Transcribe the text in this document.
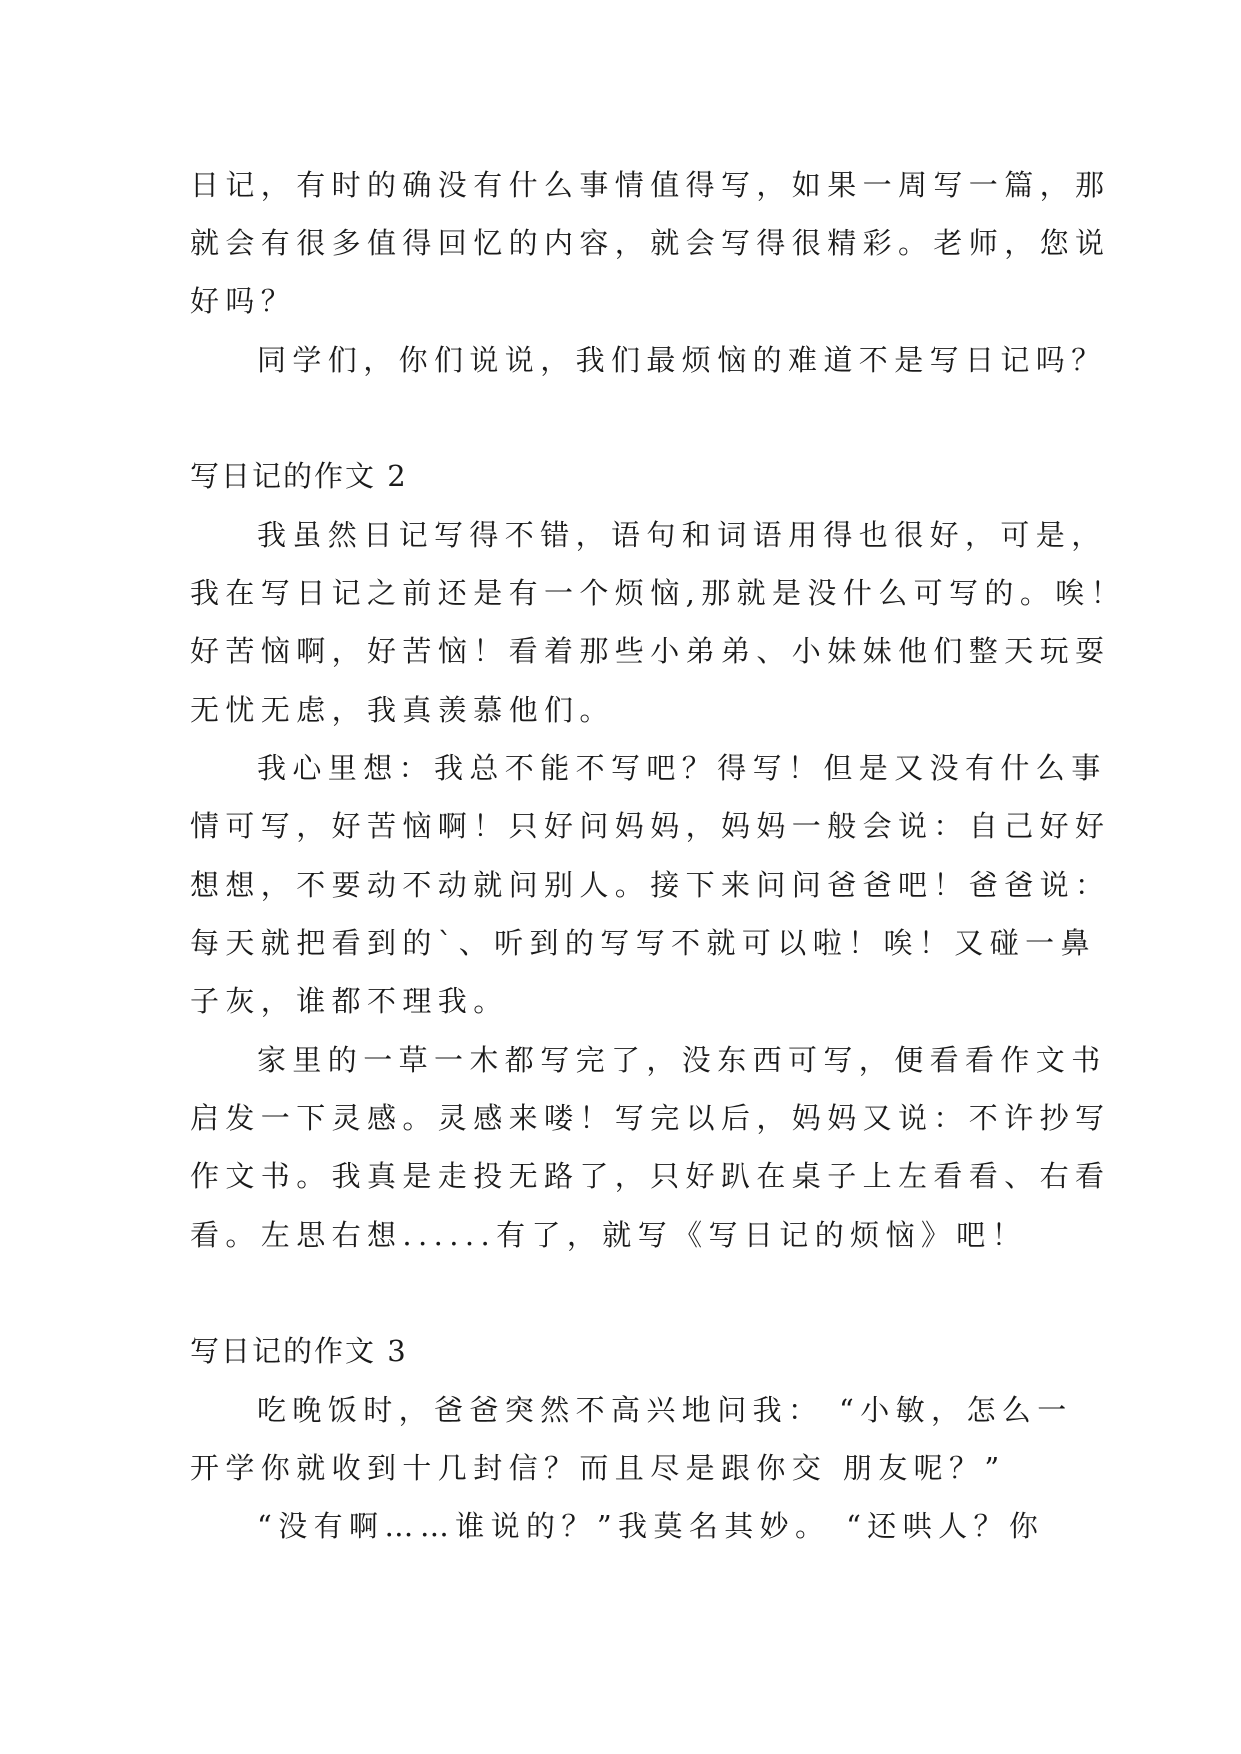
日记，有时的确没有什么事情值得写，如果一周写一篇，那

就会有很多值得回忆的内容，就会写得很精彩。老师，您说

好吗？

同学们，你们说说，我们最烦恼的难道不是写日记吗？

写日记的作文 2

我虽然日记写得不错，语句和词语用得也很好，可是，

我在写日记之前还是有一个烦恼,那就是没什么可写的。唉！

好苦恼啊，好苦恼！看着那些小弟弟、小妹妹他们整天玩耍

无忧无虑，我真羡慕他们。

我心里想：我总不能不写吧？得写！但是又没有什么事

情可写，好苦恼啊！只好问妈妈，妈妈一般会说：自己好好

想想，不要动不动就问别人。接下来问问爸爸吧！爸爸说：

每天就把看到的`、听到的写写不就可以啦！唉！又碰一鼻

子灰，谁都不理我。

家里的一草一木都写完了，没东西可写，便看看作文书

启发一下灵感。灵感来喽！写完以后，妈妈又说：不许抄写

作文书。我真是走投无路了，只好趴在桌子上左看看、右看

看。左思右想......有了，就写《写日记的烦恼》吧！

写日记的作文 3

吃晚饭时，爸爸突然不高兴地问我： “小敏，怎么一

开学你就收到十几封信？而且尽是跟你交 朋友呢？”

“没有啊……谁说的？”我莫名其妙。 “还哄人？你
